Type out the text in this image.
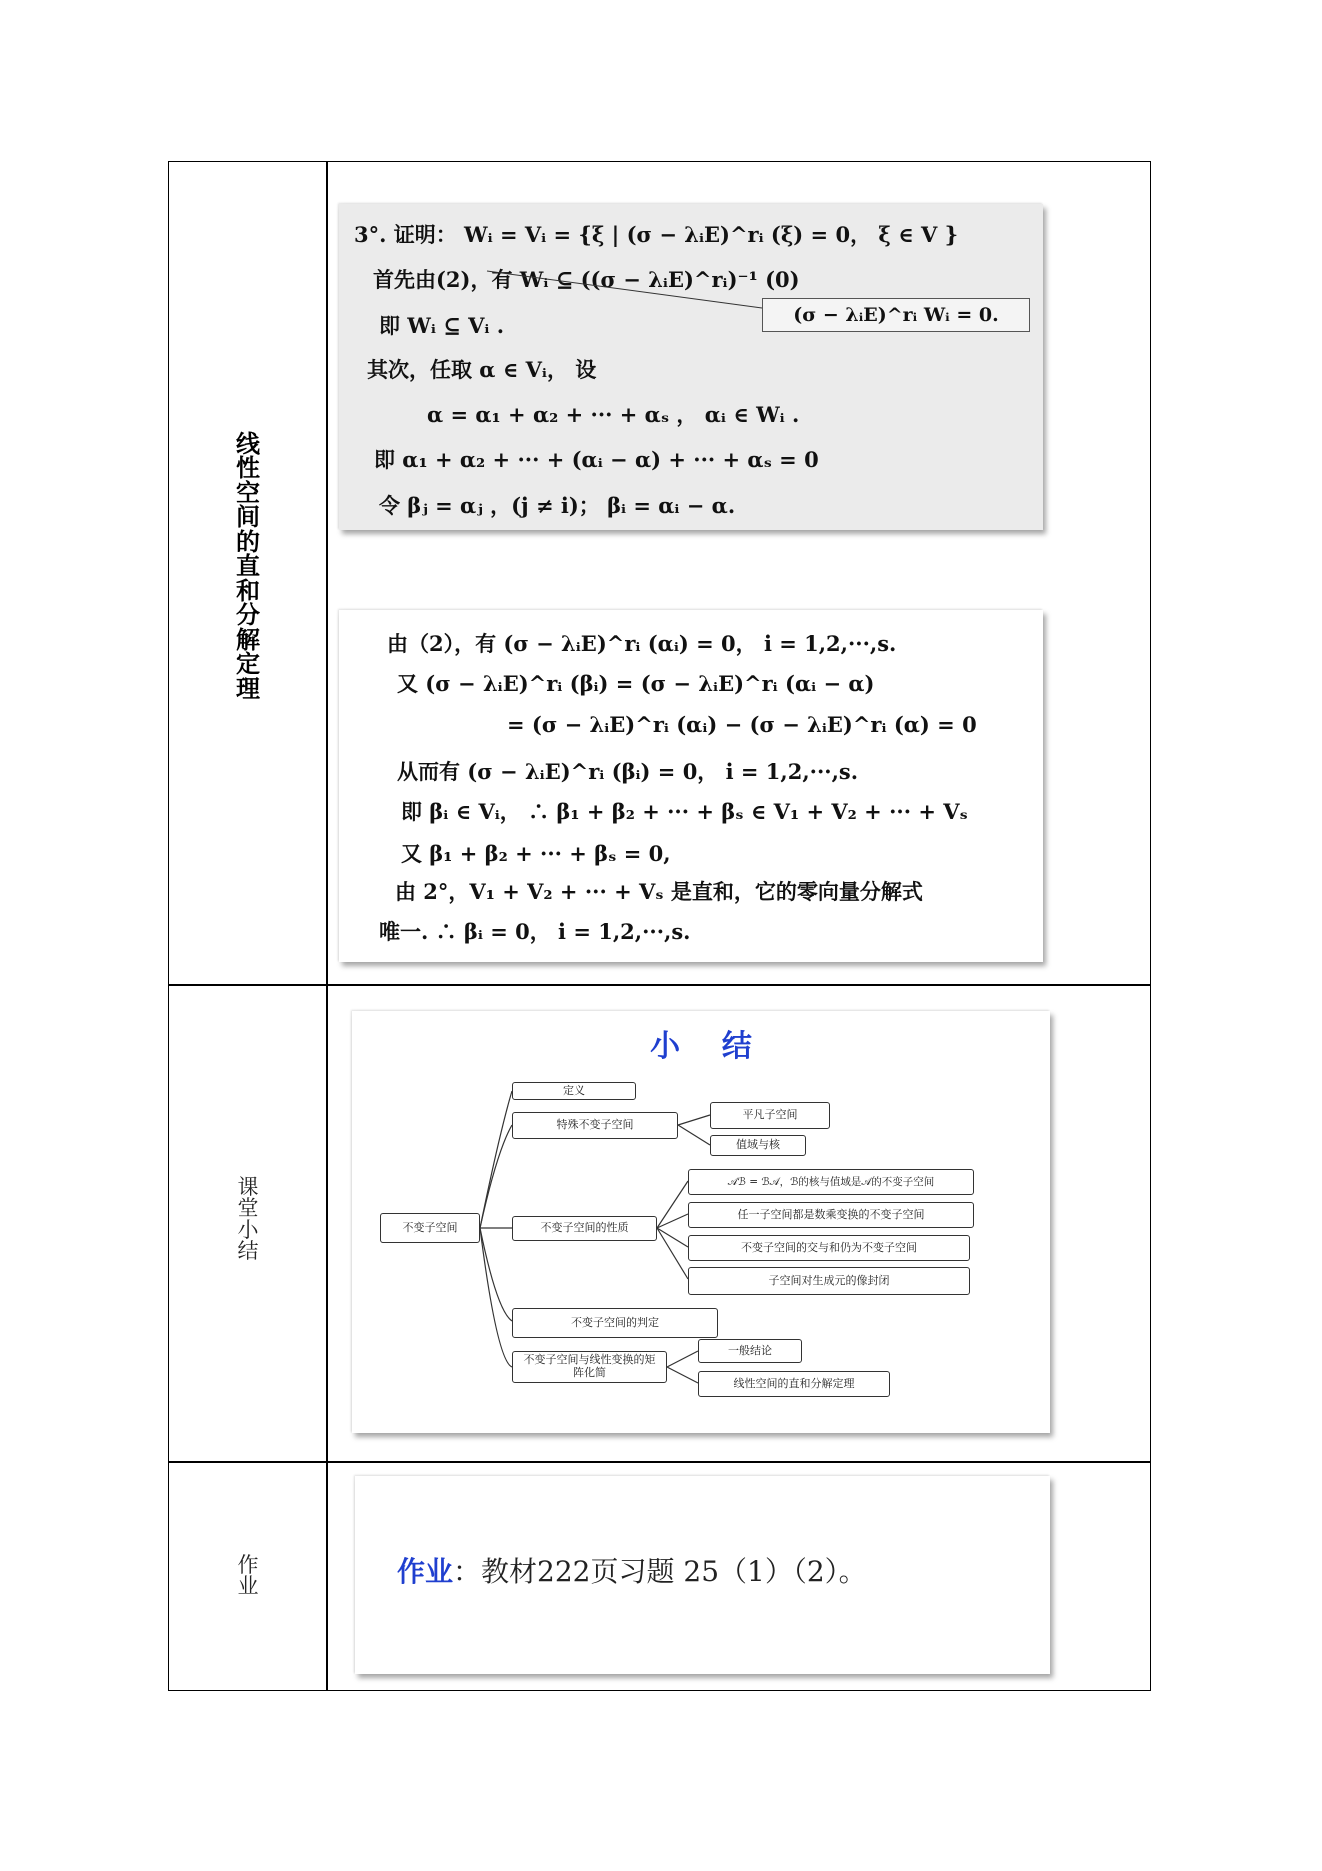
线
性
空
间
的
直
和
分
解
定
理
3°. 证明： Wᵢ = Vᵢ = {ξ | (σ − λᵢE)^rᵢ (ξ) = 0， ξ ∈ V }
首先由(2)，有 Wᵢ ⊆ ((σ − λᵢE)^rᵢ)⁻¹ (0)
即 Wᵢ ⊆ Vᵢ .
其次，任取 α ∈ Vᵢ， 设
α = α₁ + α₂ + ··· + αₛ ， αᵢ ∈ Wᵢ .
即 α₁ + α₂ + ··· + (αᵢ − α) + ··· + αₛ = 0
令 βⱼ = αⱼ ，(j ≠ i)； βᵢ = αᵢ − α.
(σ − λᵢE)^rᵢ Wᵢ = 0.
由（2），有 (σ − λᵢE)^rᵢ (αᵢ) = 0， i = 1,2,···,s.
又 (σ − λᵢE)^rᵢ (βᵢ) = (σ − λᵢE)^rᵢ (αᵢ − α)
= (σ − λᵢE)^rᵢ (αᵢ) − (σ − λᵢE)^rᵢ (α) = 0
从而有 (σ − λᵢE)^rᵢ (βᵢ) = 0， i = 1,2,···,s.
即 βᵢ ∈ Vᵢ， ∴ β₁ + β₂ + ··· + βₛ ∈ V₁ + V₂ + ··· + Vₛ
又 β₁ + β₂ + ··· + βₛ = 0,
由 2°，V₁ + V₂ + ··· + Vₛ 是直和，它的零向量分解式
唯一. ∴ βᵢ = 0， i = 1,2,···,s.
课
堂
小
结
小    结
不变子空间
定义
特殊不变子空间
平凡子空间
值域与核
不变子空间的性质
𝒜ℬ = ℬ𝒜，ℬ的核与值域是𝒜的不变子空间
任一子空间都是数乘变换的不变子空间
不变子空间的交与和仍为不变子空间
子空间对生成元的像封闭
不变子空间的判定
不变子空间与线性变换的矩阵化简
一般结论
线性空间的直和分解定理
作
业	作业：教材222页习题 25（1）（2）。
